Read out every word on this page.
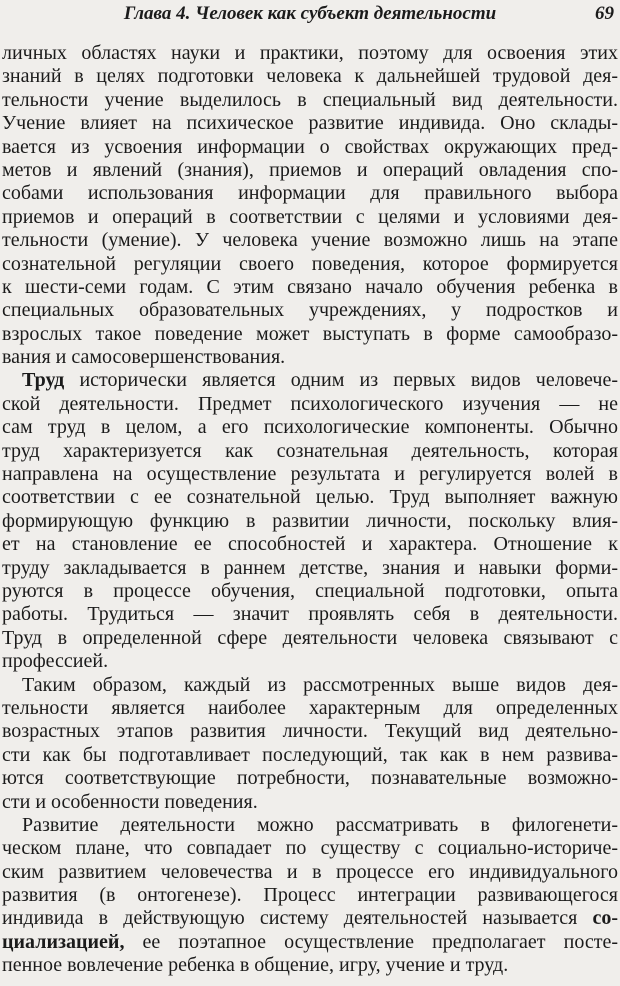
Глава 4. Человек как субъект деятельности	69
личных областях науки и практики, поэтому для освоения этих
знаний в целях подготовки человека к дальнейшей трудовой дея-
тельности учение выделилось в специальный вид деятельности.
Учение влияет на психическое развитие индивида. Оно склады-
вается из усвоения информации о свойствах окружающих пред-
метов и явлений (знания), приемов и операций овладения спо-
собами использования информации для правильного выбора
приемов и операций в соответствии с целями и условиями дея-
тельности (умение). У человека учение возможно лишь на этапе
сознательной регуляции своего поведения, которое формируется
к шести-семи годам. С этим связано начало обучения ребенка в
специальных образовательных учреждениях, у подростков и
взрослых такое поведение может выступать в форме самообразо-
вания и самосовершенствования.
Труд исторически является одним из первых видов человече-
ской деятельности. Предмет психологического изучения — не
сам труд в целом, а его психологические компоненты. Обычно
труд характеризуется как сознательная деятельность, которая
направлена на осуществление результата и регулируется волей в
соответствии с ее сознательной целью. Труд выполняет важную
формирующую функцию в развитии личности, поскольку влия-
ет на становление ее способностей и характера. Отношение к
труду закладывается в раннем детстве, знания и навыки форми-
руются в процессе обучения, специальной подготовки, опыта
работы. Трудиться — значит проявлять себя в деятельности.
Труд в определенной сфере деятельности человека связывают с
профессией.
Таким образом, каждый из рассмотренных выше видов дея-
тельности является наиболее характерным для определенных
возрастных этапов развития личности. Текущий вид деятельно-
сти как бы подготавливает последующий, так как в нем развива-
ются соответствующие потребности, познавательные возможно-
сти и особенности поведения.
Развитие деятельности можно рассматривать в филогенети-
ческом плане, что совпадает по существу с социально-историче-
ским развитием человечества и в процессе его индивидуального
развития (в онтогенезе). Процесс интеграции развивающегося
индивида в действующую систему деятельностей называется со-
циализацией, ее поэтапное осуществление предполагает посте-
пенное вовлечение ребенка в общение, игру, учение и труд.
